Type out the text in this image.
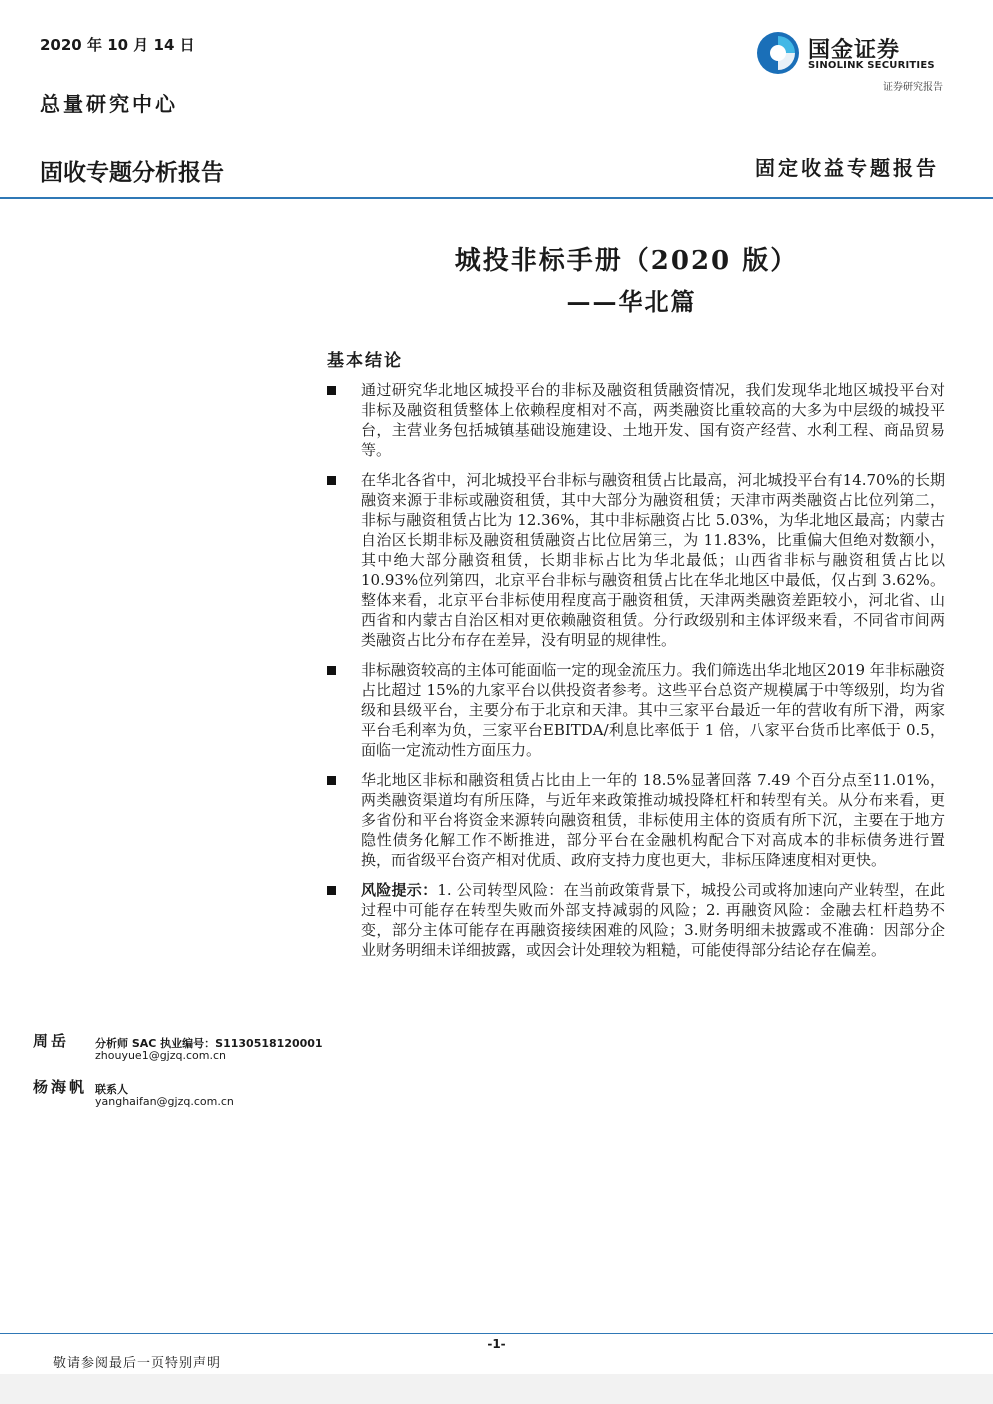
2020 年 10 月 14 日
总量研究中心
固收专题分析报告	固定收益专题报告
国金证券
SINOLINK SECURITIES
证券研究报告
城投非标手册（2020 版）
——华北篇
基本结论
通过研究华北地区城投平台的非标及融资租赁融资情况，我们发现华北地区城投平台对非标及融资租赁整体上依赖程度相对不高，两类融资比重较高的大多为中层级的城投平台，主营业务包括城镇基础设施建设、土地开发、国有资产经营、水利工程、商品贸易等。
在华北各省中，河北城投平台非标与融资租赁占比最高，河北城投平台有14.70%的长期融资来源于非标或融资租赁，其中大部分为融资租赁；天津市两类融资占比位列第二，非标与融资租赁占比为 12.36%，其中非标融资占比 5.03%，为华北地区最高；内蒙古自治区长期非标及融资租赁融资占比位居第三，为 11.83%，比重偏大但绝对数额小，其中绝大部分融资租赁，长期非标占比为华北最低；山西省非标与融资租赁占比以 10.93%位列第四，北京平台非标与融资租赁占比在华北地区中最低，仅占到 3.62%。整体来看，北京平台非标使用程度高于融资租赁，天津两类融资差距较小，河北省、山西省和内蒙古自治区相对更依赖融资租赁。分行政级别和主体评级来看，不同省市间两类融资占比分布存在差异，没有明显的规律性。
非标融资较高的主体可能面临一定的现金流压力。我们筛选出华北地区2019 年非标融资占比超过 15%的九家平台以供投资者参考。这些平台总资产规模属于中等级别，均为省级和县级平台，主要分布于北京和天津。其中三家平台最近一年的营收有所下滑，两家平台毛利率为负，三家平台EBITDA/利息比率低于 1 倍，八家平台货币比率低于 0.5，面临一定流动性方面压力。
华北地区非标和融资租赁占比由上一年的 18.5%显著回落 7.49 个百分点至11.01%，两类融资渠道均有所压降，与近年来政策推动城投降杠杆和转型有关。从分布来看，更多省份和平台将资金来源转向融资租赁，非标使用主体的资质有所下沉，主要在于地方隐性债务化解工作不断推进，部分平台在金融机构配合下对高成本的非标债务进行置换，而省级平台资产相对优质、政府支持力度也更大，非标压降速度相对更快。
风险提示：1. 公司转型风险：在当前政策背景下，城投公司或将加速向产业转型，在此过程中可能存在转型失败而外部支持减弱的风险；2. 再融资风险：金融去杠杆趋势不变，部分主体可能存在再融资接续困难的风险；3.财务明细未披露或不准确：因部分企业财务明细未详细披露，或因会计处理较为粗糙，可能使得部分结论存在偏差。
周岳 分析师 SAC 执业编号：S1130518120001
zhouyue1@gjzq.com.cn
杨海帆 联系人
yanghaifan@gjzq.com.cn
-1-
敬请参阅最后一页特别声明
